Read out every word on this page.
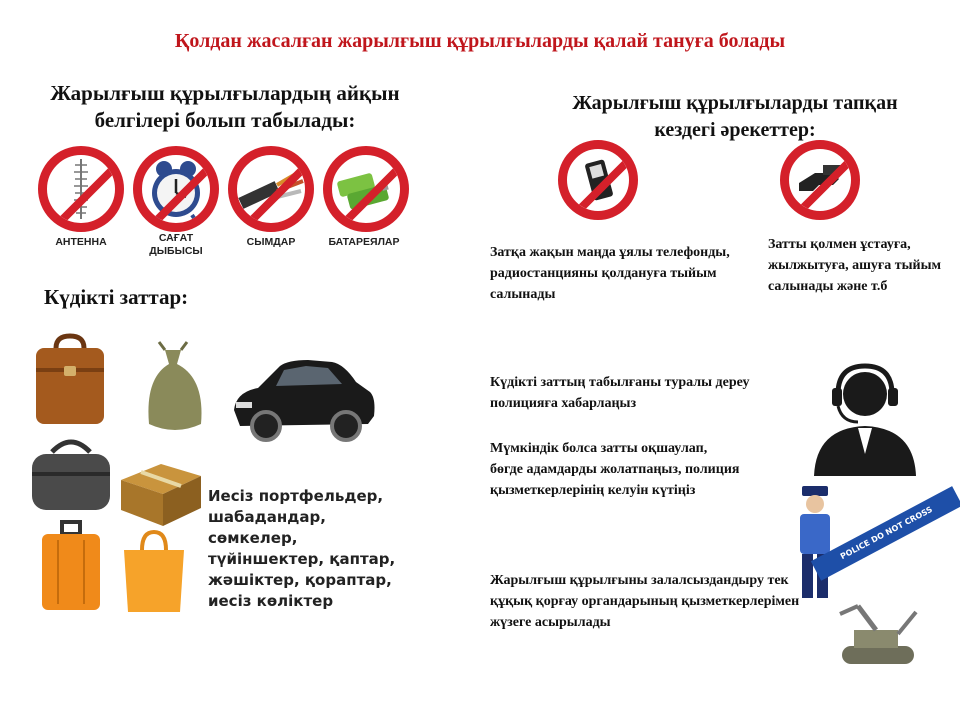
Қолдан жасалған жарылғыш құрылғыларды қалай тануға болады
Жарылғыш құрылғылардың айқын белгілері болып табылады:
АНТЕННА	САҒАТ ДЫБЫСЫ
СЫМДАР	БАТАРЕЯЛАР
Күдікті заттар:
Иесіз портфельдер, шабадандар, сөмкелер, түйіншектер, қаптар, жәшіктер, қораптар, иесіз көліктер
Жарылғыш құрылғыларды тапқан кездегі әрекеттер:
Затқа жақын маңда ұялы телефонды, радиостанцияны қолдануға тыйым салынады
Затты қолмен ұстауға, жылжытуға, ашуға тыйым салынады және т.б
Күдікті заттың табылғаны туралы дереу полицияға хабарлаңыз
Мүмкіндік болса затты оқшаулап, бөгде адамдарды жолатпаңыз, полиция қызметкерлерінің келуін күтіңіз
Жарылғыш құрылғыны залалсыздандыру тек құқық қорғау органдарының қызметкерлерімен жүзеге асырылады
POLICE DO NOT CROSS
